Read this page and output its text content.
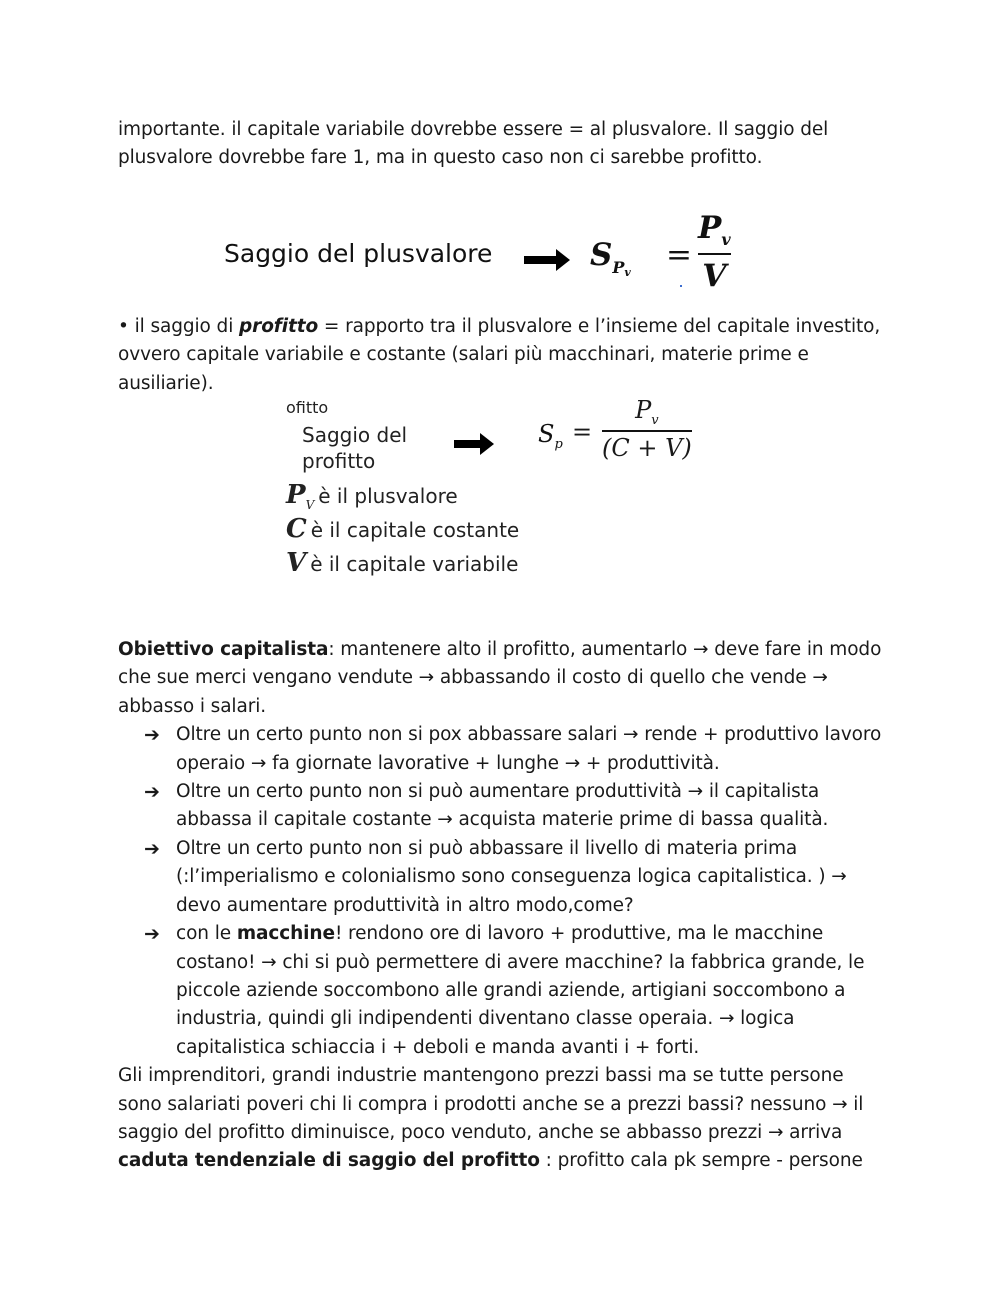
importante. il capitale variabile dovrebbe essere = al plusvalore. Il saggio del plusvalore dovrebbe fare 1, ma in questo caso non ci sarebbe profitto.

Saggio del plusvalore	$S_{P_v}$ =
$P_v$
V

• il saggio di profitto = rapporto tra il plusvalore e l’insieme del capitale investito, ovvero capitale variabile e costante (salari più macchinari, materie prime e ausiliarie).

ofitto
Saggio del
profitto
$S_p$ =
$P_v$
(C + V)
$P_V$ è il plusvalore
C è il capitale costante
V è il capitale variabile

Obiettivo capitalista: mantenere alto il profitto, aumentarlo → deve fare in modo che sue merci vengano vendute → abbassando il costo di quello che vende → abbasso i salari.

➔ Oltre un certo punto non si pox abbassare salari → rende + produttivo lavoro operaio → fa giornate lavorative + lunghe → + produttività.
➔ Oltre un certo punto non si può aumentare produttività → il capitalista abbassa il capitale costante → acquista materie prime di bassa qualità.
➔ Oltre un certo punto non si può abbassare il livello di materia prima (:l’imperialismo e colonialismo sono conseguenza logica capitalistica. ) → devo aumentare produttività in altro modo,come?
➔ con le macchine! rendono ore di lavoro + produttive, ma le macchine costano! → chi si può permettere di avere macchine? la fabbrica grande, le piccole aziende soccombono alle grandi aziende, artigiani soccombono a industria, quindi gli indipendenti diventano classe operaia. → logica capitalistica schiaccia i + deboli e manda avanti i + forti.

Gli imprenditori, grandi industrie mantengono prezzi bassi ma se tutte persone sono salariati poveri chi li compra i prodotti anche se a prezzi bassi? nessuno → il saggio del profitto diminuisce, poco venduto, anche se abbasso prezzi → arriva caduta tendenziale di saggio del profitto : profitto cala pk sempre - persone
